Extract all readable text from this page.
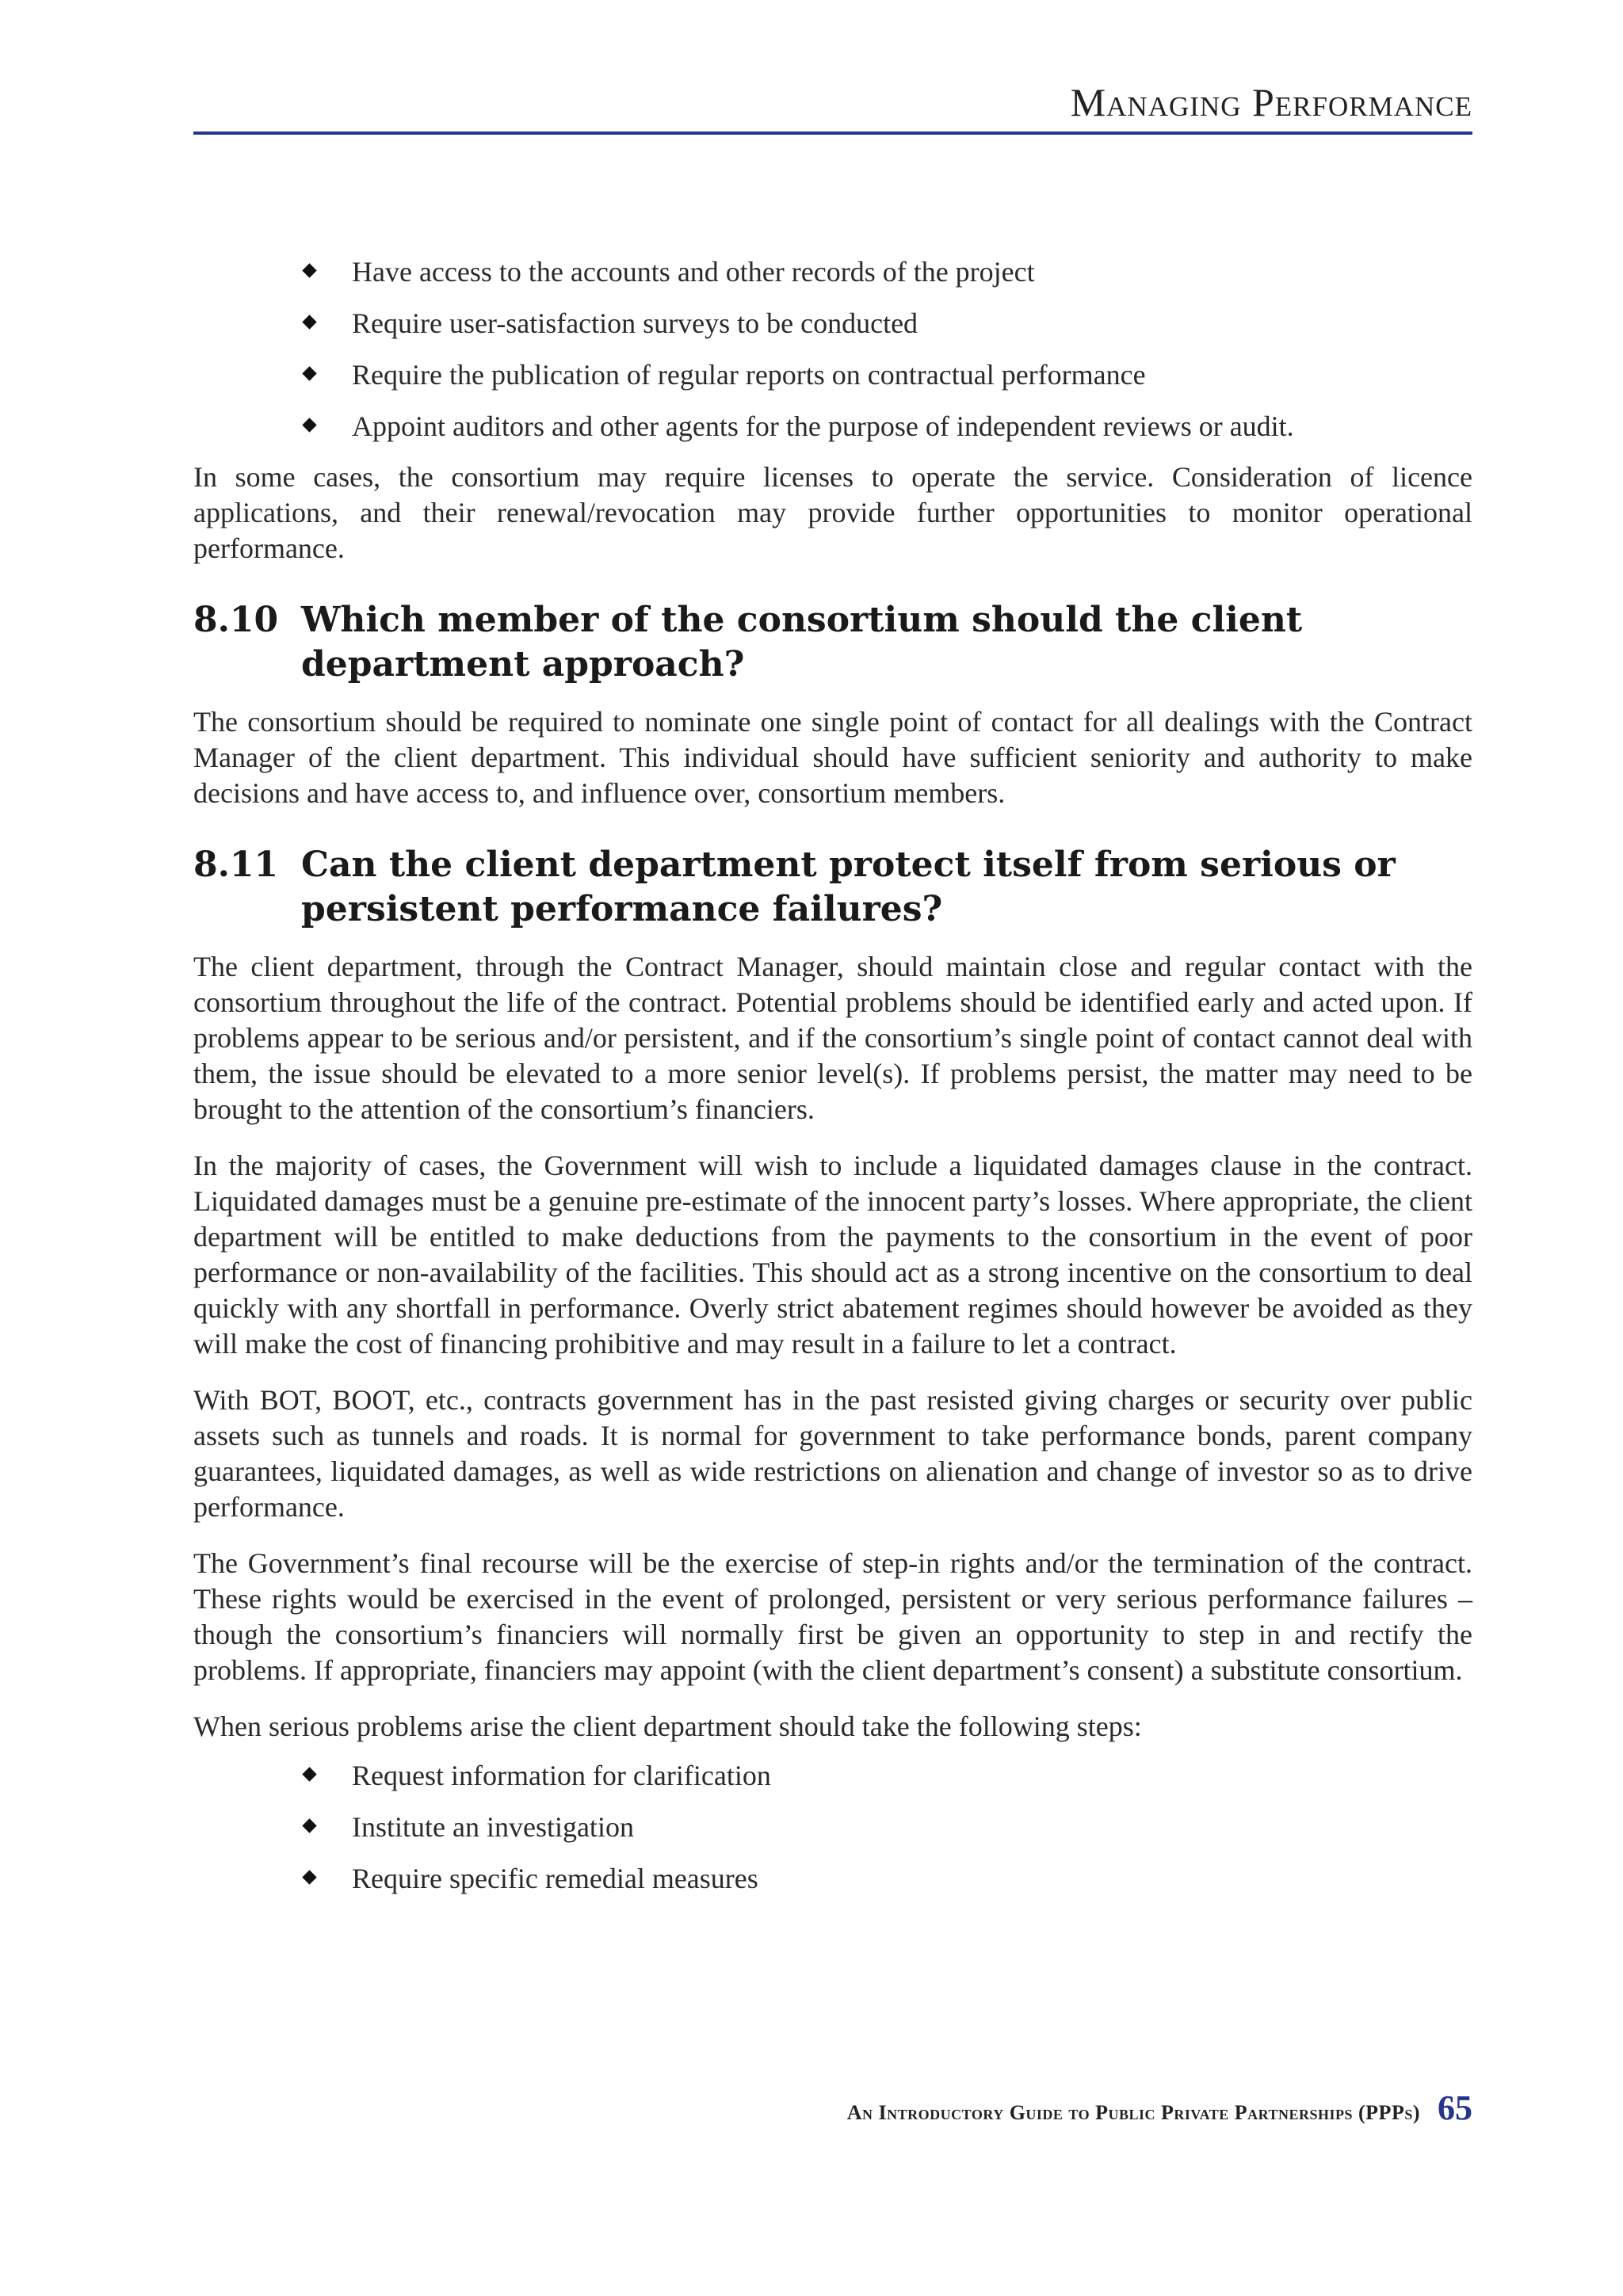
Managing Performance
Have access to the accounts and other records of the project
Require user-satisfaction surveys to be conducted
Require the publication of regular reports on contractual performance
Appoint auditors and other agents for the purpose of independent reviews or audit.

In some cases, the consortium may require licenses to operate the service. Consideration of licence applications, and their renewal/revocation may provide further opportunities to monitor operational performance.

8.10 Which member of the consortium should the client department approach?

The consortium should be required to nominate one single point of contact for all dealings with the Contract Manager of the client department. This individual should have sufficient seniority and authority to make decisions and have access to, and influence over, consortium members.

8.11 Can the client department protect itself from serious or persistent performance failures?

The client department, through the Contract Manager, should maintain close and regular contact with the consortium throughout the life of the contract. Potential problems should be identified early and acted upon. If problems appear to be serious and/or persistent, and if the consortium’s single point of contact cannot deal with them, the issue should be elevated to a more senior level(s). If problems persist, the matter may need to be brought to the attention of the consortium’s financiers.

In the majority of cases, the Government will wish to include a liquidated damages clause in the contract. Liquidated damages must be a genuine pre-estimate of the innocent party’s losses. Where appropriate, the client department will be entitled to make deductions from the payments to the consortium in the event of poor performance or non-availability of the facilities. This should act as a strong incentive on the consortium to deal quickly with any shortfall in performance. Overly strict abatement regimes should however be avoided as they will make the cost of financing prohibitive and may result in a failure to let a contract.

With BOT, BOOT, etc., contracts government has in the past resisted giving charges or security over public assets such as tunnels and roads. It is normal for government to take performance bonds, parent company guarantees, liquidated damages, as well as wide restrictions on alienation and change of investor so as to drive performance.

The Government’s final recourse will be the exercise of step-in rights and/or the termination of the contract. These rights would be exercised in the event of prolonged, persistent or very serious performance failures – though the consortium’s financiers will normally first be given an opportunity to step in and rectify the problems. If appropriate, financiers may appoint (with the client department’s consent) a substitute consortium.

When serious problems arise the client department should take the following steps:

Request information for clarification
Institute an investigation
Require specific remedial measures
An Introductory Guide to Public Private Partnerships (PPPs) 65
